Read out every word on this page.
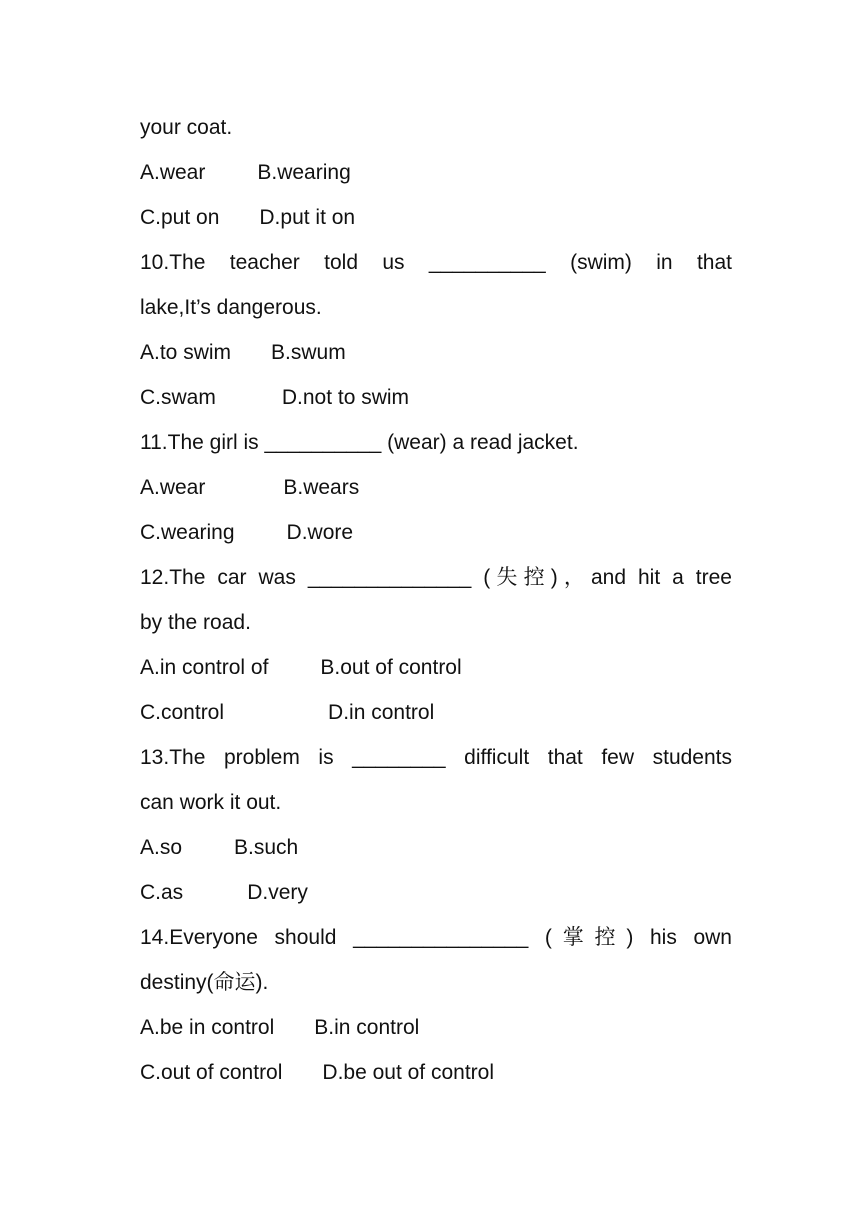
your coat.
A.wear B.wearing
C.put on D.put it on
10.The teacher told us __________ (swim) in that
lake,It’s dangerous.
A.to swim B.swum
C.swam	D.not to swim
11.The girl is __________ (wear) a read jacket.
A.wear	B.wears
C.wearing D.wore
12.The car was ______________ (失控)，and hit a tree
by the road.
A.in control of B.out of control
C.control	D.in control
13.The problem is ________ difficult that few students
can work it out.
A.so B.such
C.as	D.very
14.Everyone should _______________ (掌控) his own
destiny(命运).
A.be in control B.in control
C.out of control D.be out of control
